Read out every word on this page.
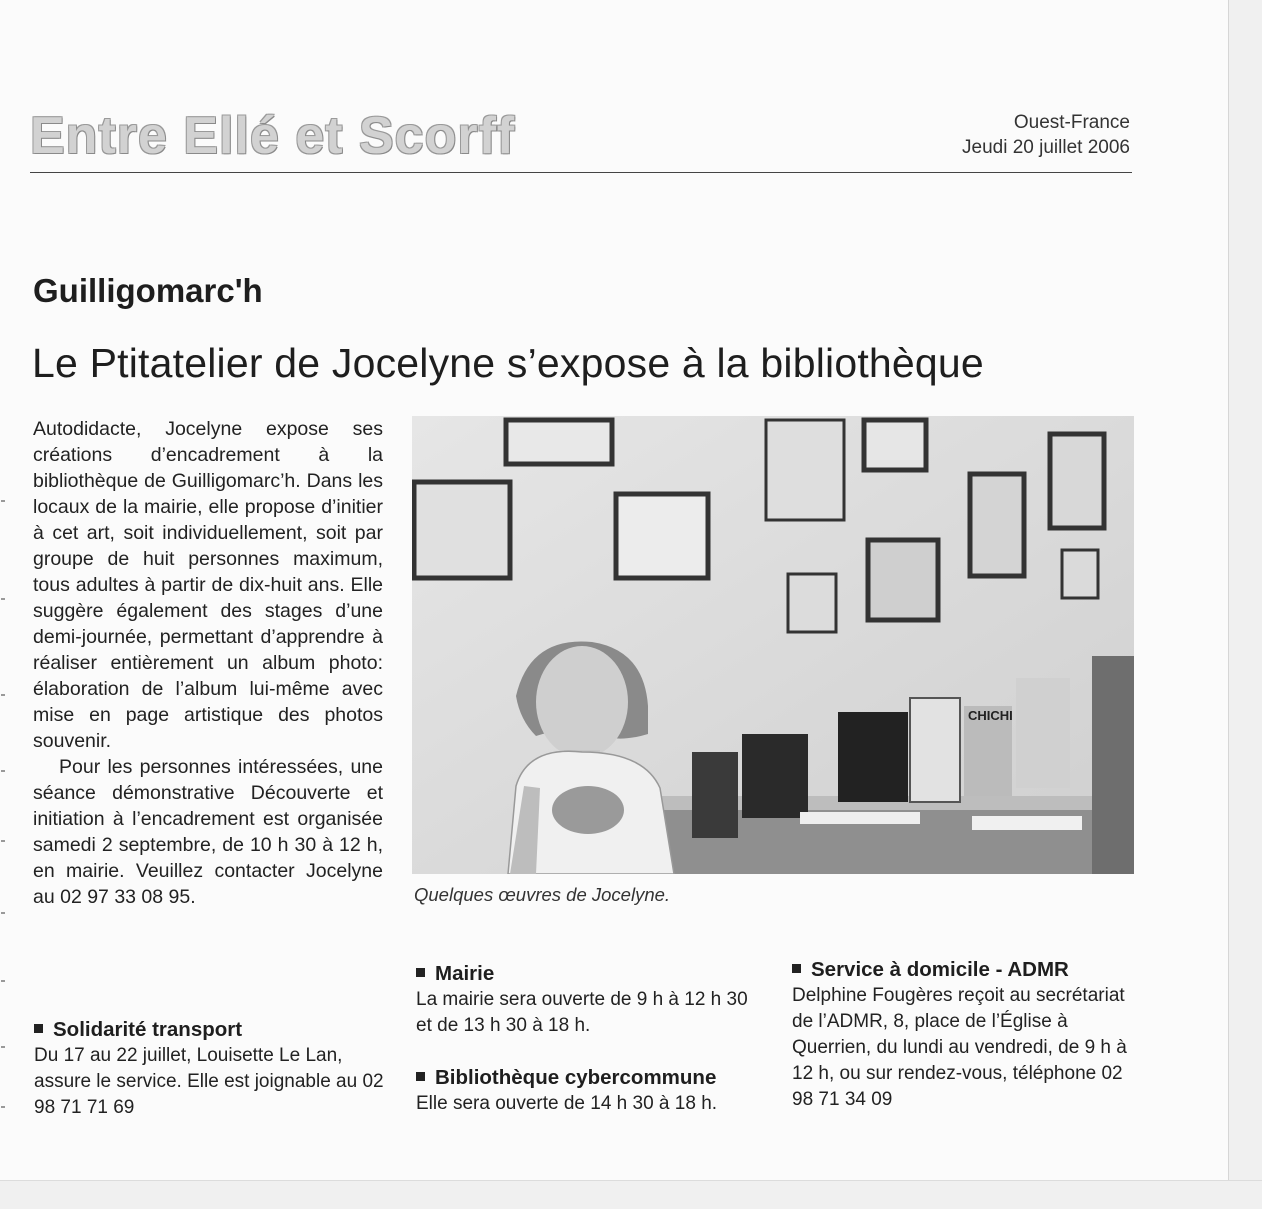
Entre Ellé et Scorff	Ouest-France
Jeudi 20 juillet 2006
Guilligomarc'h
Le Ptitatelier de Jocelyne s’expose à la bibliothèque

Autodidacte, Jocelyne expose ses créations d’encadrement à la bibliothèque de Guilligomarc’h. Dans les locaux de la mairie, elle propose d’initier à cet art, soit individuellement, soit par groupe de huit personnes maximum, tous adultes à partir de dix-huit ans. Elle suggère également des stages d’une demi-journée, permettant d’apprendre à réaliser entièrement un album photo: élaboration de l’album lui-même avec mise en page artistique des photos souvenir.

Pour les personnes intéressées, une séance démonstrative Découverte et initiation à l’encadrement est organisée samedi 2 septembre, de 10 h 30 à 12 h, en mairie. Veuillez contacter Jocelyne au 02 97 33 08 95.

CHICHI
Quelques œuvres de Jocelyne.
Mairie

La mairie sera ouverte de 9 h à 12 h 30 et de 13 h 30 à 18 h.

Bibliothèque cybercommune

Elle sera ouverte de 14 h 30 à 18 h.

Service à domicile - ADMR

Delphine Fougères reçoit au secrétariat de l’ADMR, 8, place de l’Église à Querrien, du lundi au vendredi, de 9 h à 12 h, ou sur rendez-vous, téléphone 02 98 71 34 09

Solidarité transport

Du 17 au 22 juillet, Louisette Le Lan, assure le service. Elle est joignable au 02 98 71 71 69
